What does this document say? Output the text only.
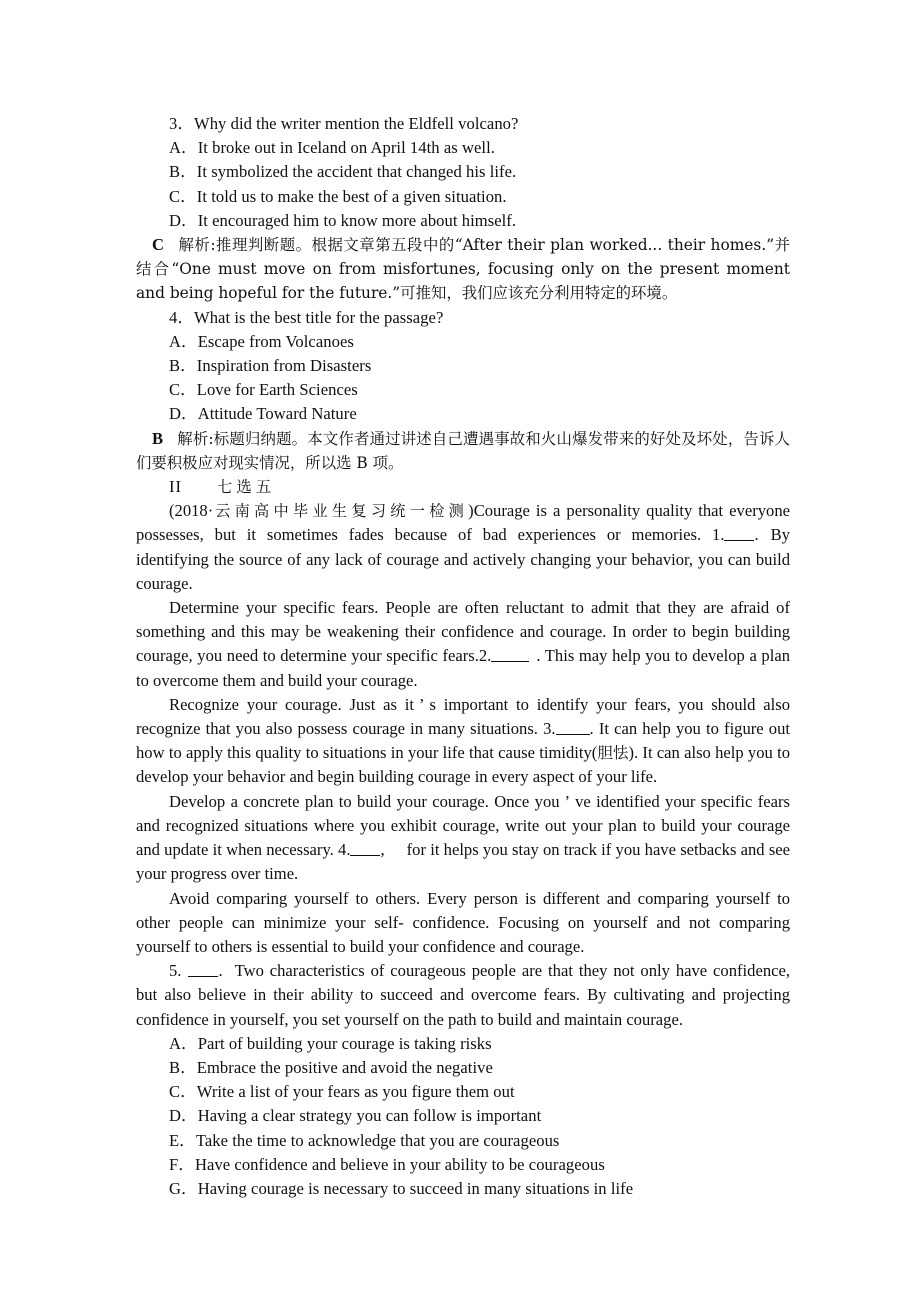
3．Why did the writer mention the Eldfell volcano?
A．It broke out in Iceland on April 14th as well.
B．It symbolized the accident that changed his life.
C．It told us to make the best of a given situation.
D．It encouraged him to know more about himself.

C 解析:推理判断题。根据文章第五段中的“After their plan worked... their homes.”并结合“One must move on from misfortunes, focusing only on the present moment and being hopeful for the future.”可推知，我们应该充分利用特定的环境。

4．What is the best title for the passage?
A．Escape from Volcanoes
B．Inspiration from Disasters
C．Love for Earth Sciences
D．Attitude Toward Nature

B 解析:标题归纳题。本文作者通过讲述自己遭遇事故和火山爆发带来的好处及坏处，告诉人们要积极应对现实情况，所以选 B 项。

II 七选五

(2018·云南高中毕业生复习统一检测)Courage is a personality quality that everyone possesses, but it sometimes fades because of bad experiences or memories. 1. . By identifying the source of any lack of courage and actively changing your behavior, you can build courage.

Determine your specific fears. People are often reluctant to admit that they are afraid of something and this may be weakening their confidence and courage. In order to begin building courage, you need to determine your specific fears.2.	. This may help you to develop a plan to overcome them and build your courage.

Recognize your courage. Just as it ’ s important to identify your fears, you should also recognize that you also possess courage in many situations. 3. . It can help you to figure out how to apply this quality to situations in your life that cause timidity(胆怯). It can also help you to develop your behavior and begin building courage in every aspect of your life.

Develop a concrete plan to build your courage. Once you ’ ve identified your specific fears and recognized situations where you exhibit courage, write out your plan to build your courage and update it when necessary. 4. , for it helps you stay on track if you have setbacks and see your progress over time.

Avoid comparing yourself to others. Every person is different and comparing yourself to other people can minimize your self- confidence. Focusing on yourself and not comparing yourself to others is essential to build your confidence and courage.

5. . Two characteristics of courageous people are that they not only have confidence, but also believe in their ability to succeed and overcome fears. By cultivating and projecting confidence in yourself, you set yourself on the path to build and maintain courage.

A．Part of building your courage is taking risks
B．Embrace the positive and avoid the negative
C．Write a list of your fears as you figure them out
D．Having a clear strategy you can follow is important
E．Take the time to acknowledge that you are courageous
F．Have confidence and believe in your ability to be courageous
G．Having courage is necessary to succeed in many situations in life
